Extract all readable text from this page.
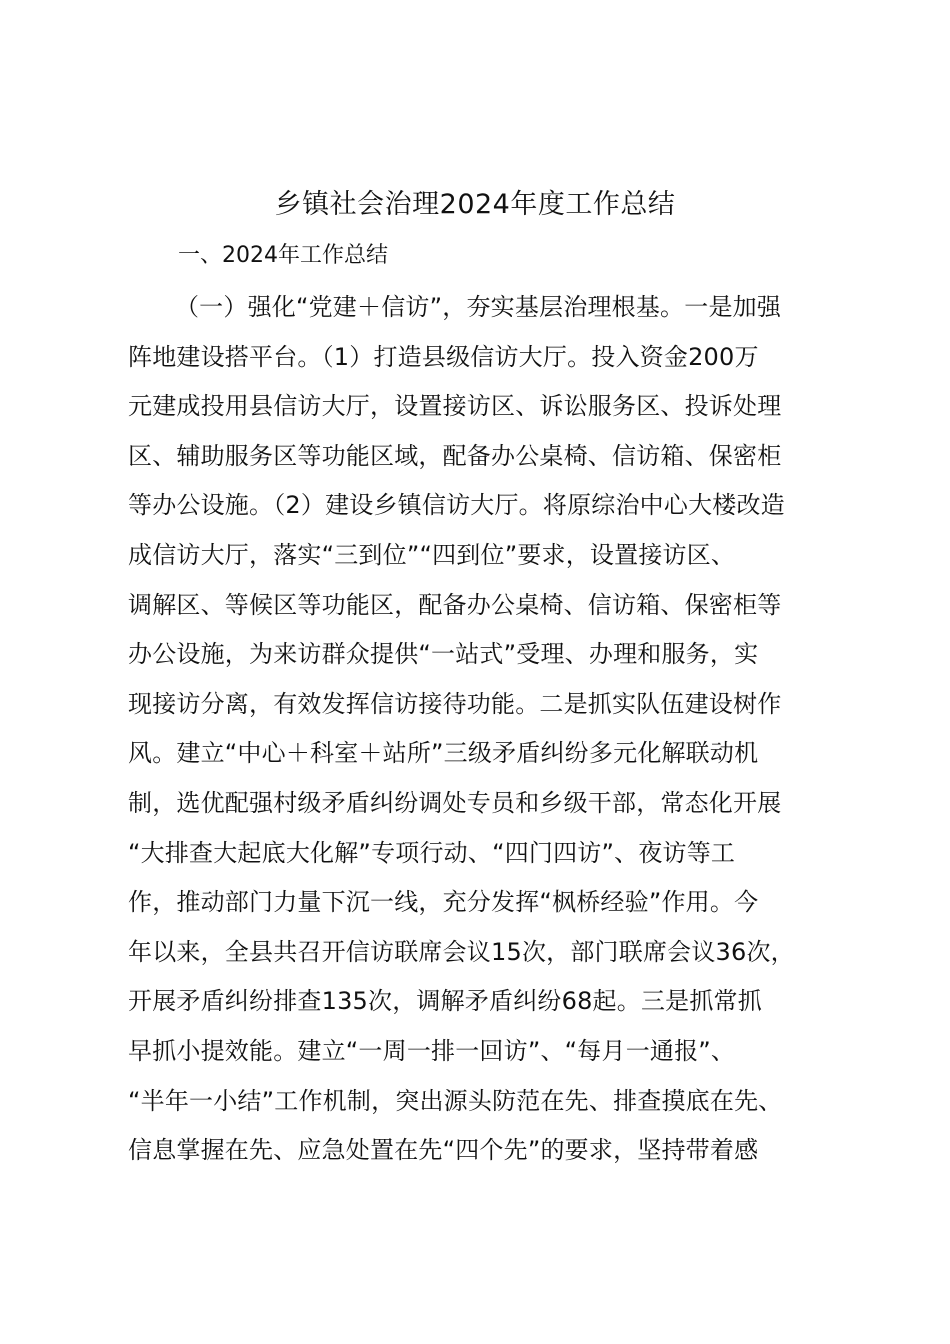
乡镇社会治理2024年度工作总结
一、2024年工作总结
（一）强化“党建＋信访”，夯实基层治理根基。一是加强
阵地建设搭平台。（1）打造县级信访大厅。投入资金200万
元建成投用县信访大厅，设置接访区、诉讼服务区、投诉处理
区、辅助服务区等功能区域，配备办公桌椅、信访箱、保密柜
等办公设施。（2）建设乡镇信访大厅。将原综治中心大楼改造
成信访大厅，落实“三到位”“四到位”要求，设置接访区、
调解区、等候区等功能区，配备办公桌椅、信访箱、保密柜等
办公设施，为来访群众提供“一站式”受理、办理和服务，实
现接访分离，有效发挥信访接待功能。二是抓实队伍建设树作
风。建立“中心＋科室＋站所”三级矛盾纠纷多元化解联动机
制，选优配强村级矛盾纠纷调处专员和乡级干部，常态化开展
“大排查大起底大化解”专项行动、“四门四访”、夜访等工
作，推动部门力量下沉一线，充分发挥“枫桥经验”作用。今
年以来，全县共召开信访联席会议15次，部门联席会议36次，
开展矛盾纠纷排查135次，调解矛盾纠纷68起。三是抓常抓
早抓小提效能。建立“一周一排一回访”、“每月一通报”、
“半年一小结”工作机制，突出源头防范在先、排查摸底在先、
信息掌握在先、应急处置在先“四个先”的要求，坚持带着感
